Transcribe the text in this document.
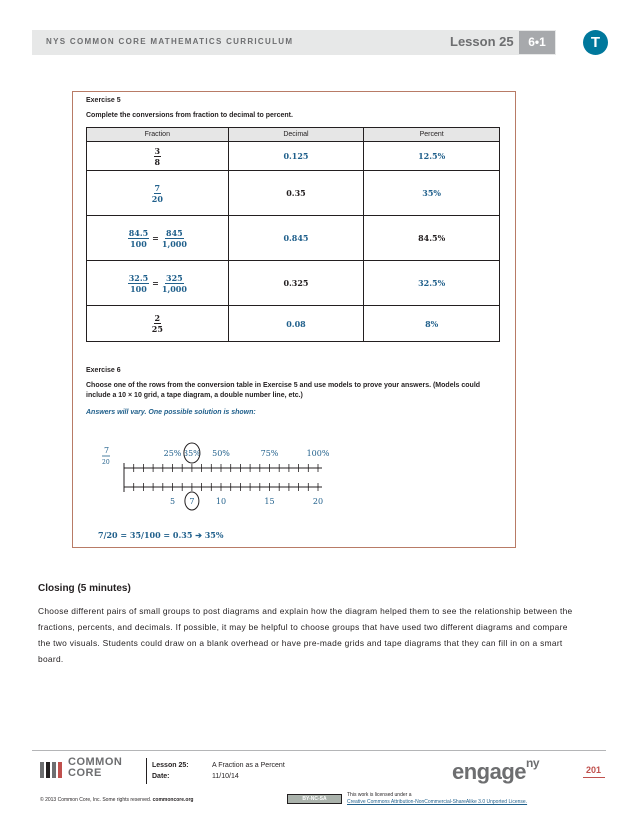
NYS COMMON CORE MATHEMATICS CURRICULUM	Lesson 25	6•1	T
Exercise 5
Complete the conversions from fraction to decimal to percent.
Fraction	Decimal	Percent

$\frac{3}{8}$	0.125	12.5%

$\frac{7}{20}$	0.35	35%

$\frac{84.5}{100} = \frac{845}{1,000}$	0.845	84.5%

$\frac{32.5}{100} = \frac{325}{1,000}$	0.325	32.5%

$\frac{2}{25}$	0.08	8%
Exercise 6
Choose one of the rows from the conversion table in Exercise 5 and use models to prove your answers. (Models could
include a 10 × 10 grid, a tape diagram, a double number line, etc.)
Answers will vary. One possible solution is shown:
7
20
25% 35% 50%	75%	100%
5 7	10	15	20
7/20 = 35/100 = 0.35 ➔ 35%
Closing (5 minutes)
Choose different pairs of small groups to post diagrams and explain how the diagram helped them to see the relationship between the fractions, percents, and decimals. If possible, it may be helpful to choose groups that have used two different diagrams and compare the two visuals. Students could draw on a blank overhead or have pre-made grids and tape diagrams that they can fill in on a smart board.
COMMON
CORE
Lesson 25:	A Fraction as a Percent
Date:	11/10/14	engage$^{ny}$
201
© 2013 Common Core, Inc. Some rights reserved. commoncore.org	BY-NC-SA
This work is licensed under a
Creative Commons Attribution-NonCommercial-ShareAlike 3.0 Unported License.
